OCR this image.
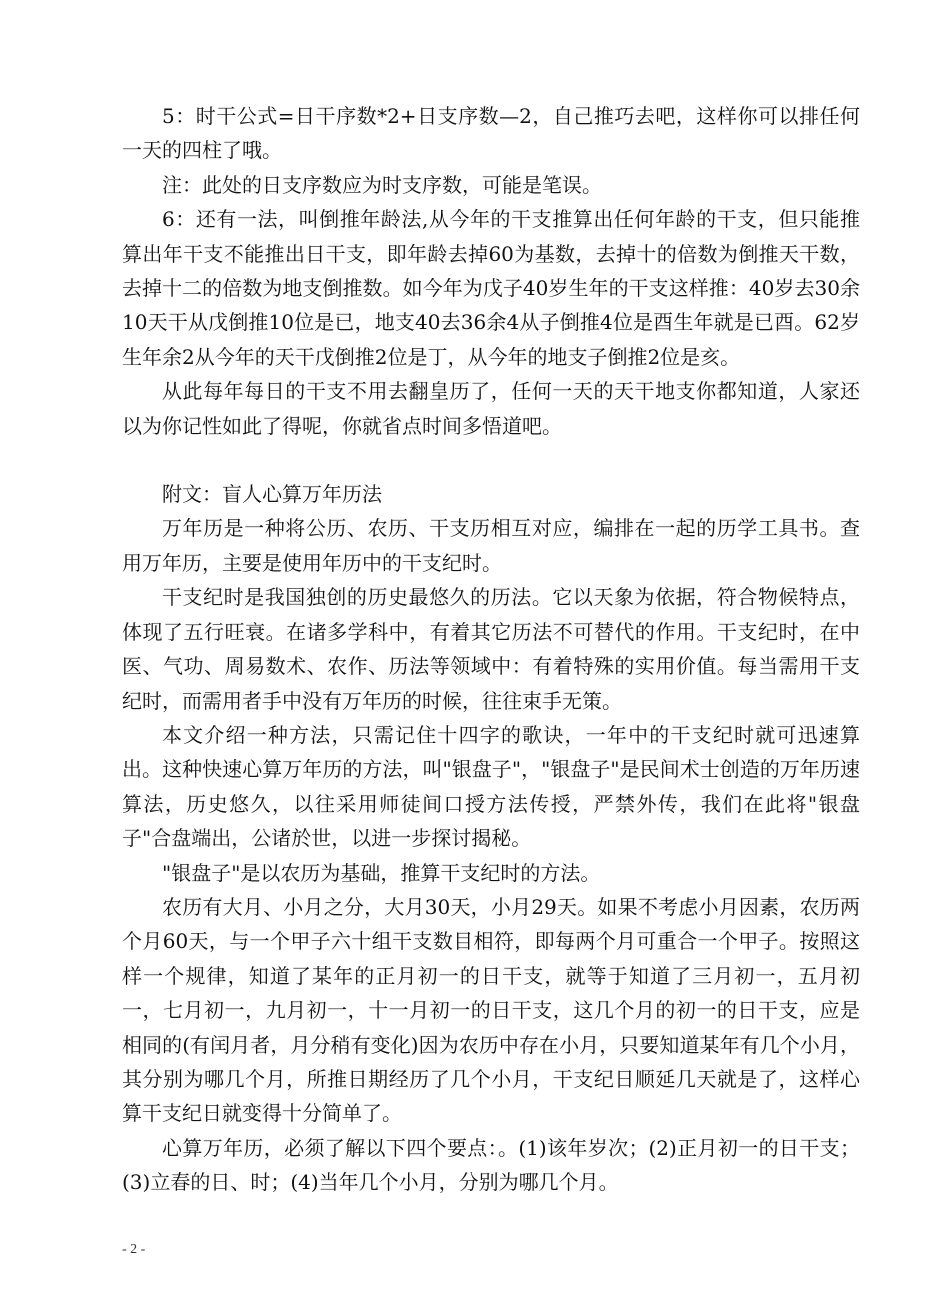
5：时干公式=日干序数*2+日支序数—2，自己推巧去吧，这样你可以排任何一天的四柱了哦。

注：此处的日支序数应为时支序数，可能是笔误。

6：还有一法，叫倒推年龄法,从今年的干支推算出任何年龄的干支，但只能推算出年干支不能推出日干支，即年龄去掉60为基数，去掉十的倍数为倒推天干数，去掉十二的倍数为地支倒推数。如今年为戊子40岁生年的干支这样推：40岁去30余10天干从戊倒推10位是已，地支40去36余4从子倒推4位是酉生年就是已酉。62岁生年余2从今年的天干戊倒推2位是丁，从今年的地支子倒推2位是亥。

从此每年每日的干支不用去翻皇历了，任何一天的天干地支你都知道，人家还以为你记性如此了得呢，你就省点时间多悟道吧。

附文：盲人心算万年历法

万年历是一种将公历、农历、干支历相互对应，编排在一起的历学工具书。查用万年历，主要是使用年历中的干支纪时。

干支纪时是我国独创的历史最悠久的历法。它以天象为依据，符合物候特点，体现了五行旺衰。在诸多学科中，有着其它历法不可替代的作用。干支纪时，在中医、气功、周易数术、农作、历法等领域中：有着特殊的实用价值。每当需用干支纪时，而需用者手中没有万年历的时候，往往束手无策。

本文介绍一种方法，只需记住十四字的歌诀，一年中的干支纪时就可迅速算出。这种快速心算万年历的方法，叫"银盘子"，"银盘子"是民间术士创造的万年历速算法，历史悠久，以往采用师徒间口授方法传授，严禁外传，我们在此将"银盘子"合盘端出，公诸於世，以进一步探讨揭秘。

"银盘子"是以农历为基础，推算干支纪时的方法。

农历有大月、小月之分，大月30天，小月29天。如果不考虑小月因素，农历两个月60天，与一个甲子六十组干支数目相符，即每两个月可重合一个甲子。按照这样一个规律，知道了某年的正月初一的日干支，就等于知道了三月初一，五月初一，七月初一，九月初一，十一月初一的日干支，这几个月的初一的日干支，应是相同的(有闰月者，月分稍有变化)因为农历中存在小月，只要知道某年有几个小月，其分别为哪几个月，所推日期经历了几个小月，干支纪日顺延几天就是了，这样心算干支纪日就变得十分简单了。

心算万年历，必须了解以下四个要点：。(1)该年岁次；(2)正月初一的日干支；(3)立春的日、时；(4)当年几个小月，分别为哪几个月。

- 2 -
